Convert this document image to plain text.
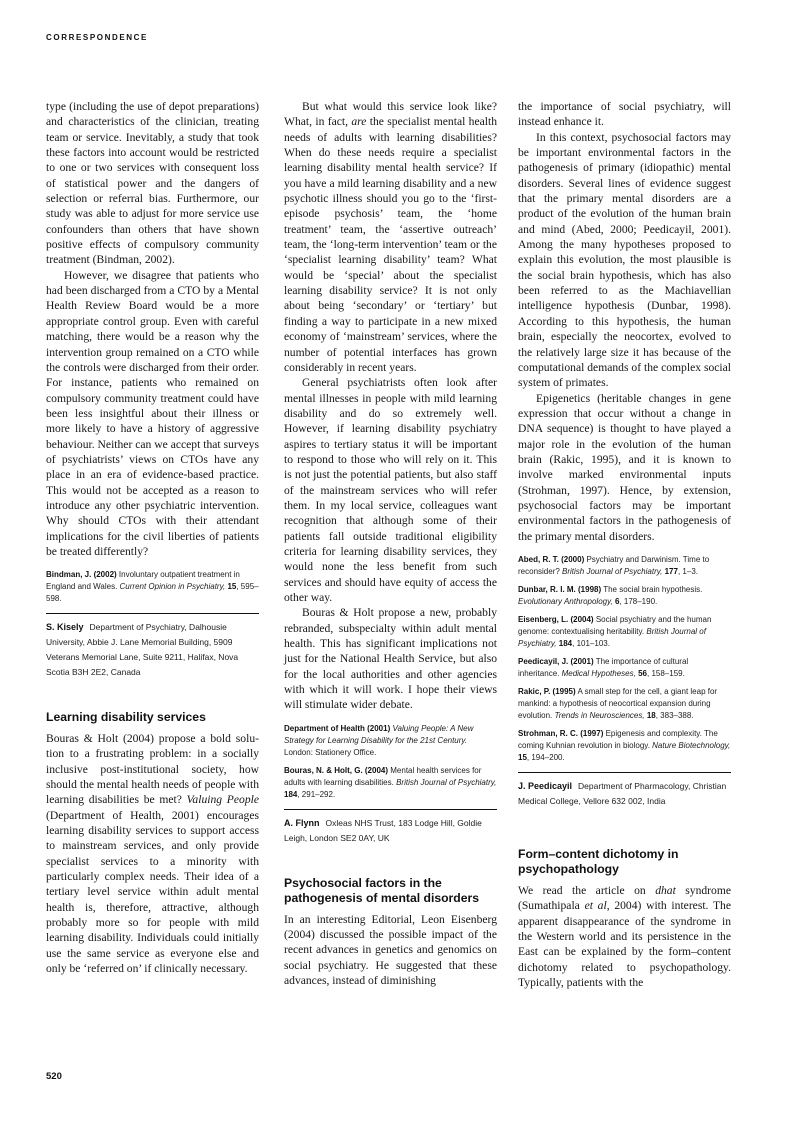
CORRESPONDENCE

type (including the use of depot preparations) and characteristics of the clinician, treating team or service. Inevitably, a study that took these factors into account would be restricted to one or two services with consequent loss of statistical power and the dangers of selection or referral bias. Furthermore, our study was able to adjust for more service use confounders than others that have shown positive effects of compulsory community treatment (Bindman, 2002).

However, we disagree that patients who had been discharged from a CTO by a Mental Health Review Board would be a more appropriate control group. Even with careful matching, there would be a reason why the intervention group remained on a CTO while the controls were discharged from their order. For instance, patients who remained on compulsory community treatment could have been less insightful about their illness or more likely to have a history of aggressive behaviour. Neither can we accept that surveys of psychiatrists’ views on CTOs have any place in an era of evidence-based practice. This would not be accepted as a reason to introduce any other psychiatric intervention. Why should CTOs with their attendant implications for the civil liberties of patients be treated differently?

Bindman, J. (2002) Involuntary outpatient treatment in England and Wales. Current Opinion in Psychiatry, 15, 595–598.
S. Kisely Department of Psychiatry, Dalhousie University, Abbie J. Lane Memorial Building, 5909 Veterans Memorial Lane, Suite 9211, Halifax, Nova Scotia B3H 2E2, Canada
Learning disability services

Bouras & Holt (2004) propose a bold solution to a frustrating problem: in a socially inclusive post-institutional society, how should the mental health needs of people with learning disabilities be met? Valuing People (Department of Health, 2001) encourages learning disability services to support access to mainstream services, and only provide specialist services to a minority with particularly complex needs. Their idea of a tertiary level service within adult mental health is, therefore, attractive, although probably more so for people with mild learning disability. Individuals could initially use the same service as everyone else and only be ‘referred on’ if clinically necessary.

But what would this service look like? What, in fact, are the specialist mental health needs of adults with learning disabilities? When do these needs require a specialist learning disability mental health service? If you have a mild learning disability and a new psychotic illness should you go to the ‘first-episode psychosis’ team, the ‘home treatment’ team, the ‘assertive outreach’ team, the ‘long-term intervention’ team or the ‘specialist learning disability’ team? What would be ‘special’ about the specialist learning disability service? It is not only about being ‘secondary’ or ‘tertiary’ but finding a way to participate in a new mixed economy of ‘mainstream’ services, where the number of potential interfaces has grown considerably in recent years.

General psychiatrists often look after mental illnesses in people with mild learning disability and do so extremely well. However, if learning disability psychiatry aspires to tertiary status it will be important to respond to those who will rely on it. This is not just the potential patients, but also staff of the mainstream services who will refer them. In my local service, colleagues want recognition that although some of their patients fall outside traditional eligibility criteria for learning disability services, they would none the less benefit from such services and should have equity of access the other way.

Bouras & Holt propose a new, probably rebranded, subspecialty within adult mental health. This has significant implications not just for the National Health Service, but also for the local authorities and other agencies with which it will work. I hope their views will stimulate wider debate.

Department of Health (2001) Valuing People: A New Strategy for Learning Disability for the 21st Century. London: Stationery Office.
Bouras, N. & Holt, G. (2004) Mental health services for adults with learning disabilities. British Journal of Psychiatry, 184, 291–292.
A. Flynn Oxleas NHS Trust, 183 Lodge Hill, Goldie Leigh, London SE2 0AY, UK
Psychosocial factors in the pathogenesis of mental disorders

In an interesting Editorial, Leon Eisenberg (2004) discussed the possible impact of the recent advances in genetics and genomics on social psychiatry. He suggested that these advances, instead of diminishing

the importance of social psychiatry, will instead enhance it.

In this context, psychosocial factors may be important environmental factors in the pathogenesis of primary (idiopathic) mental disorders. Several lines of evidence suggest that the primary mental disorders are a product of the evolution of the human brain and mind (Abed, 2000; Peedicayil, 2001). Among the many hypotheses proposed to explain this evolution, the most plausible is the social brain hypothesis, which has also been referred to as the Machiavellian intelligence hypothesis (Dunbar, 1998). According to this hypothesis, the human brain, especially the neocortex, evolved to the relatively large size it has because of the computational demands of the complex social system of primates.

Epigenetics (heritable changes in gene expression that occur without a change in DNA sequence) is thought to have played a major role in the evolution of the human brain (Rakic, 1995), and it is known to involve marked environmental inputs (Strohman, 1997). Hence, by extension, psychosocial factors may be important environmental factors in the pathogenesis of the primary mental disorders.

Abed, R. T. (2000) Psychiatry and Darwinism. Time to reconsider? British Journal of Psychiatry, 177, 1–3.
Dunbar, R. I. M. (1998) The social brain hypothesis. Evolutionary Anthropology, 6, 178–190.
Eisenberg, L. (2004) Social psychiatry and the human genome: contextualising heritability. British Journal of Psychiatry, 184, 101–103.
Peedicayil, J. (2001) The importance of cultural inheritance. Medical Hypotheses, 56, 158–159.
Rakic, P. (1995) A small step for the cell, a giant leap for mankind: a hypothesis of neocortical expansion during evolution. Trends in Neurosciences, 18, 383–388.
Strohman, R. C. (1997) Epigenesis and complexity. The coming Kuhnian revolution in biology. Nature Biotechnology, 15, 194–200.
J. Peedicayil Department of Pharmacology, Christian Medical College, Vellore 632 002, India
Form–content dichotomy in psychopathology

We read the article on dhat syndrome (Sumathipala et al, 2004) with interest. The apparent disappearance of the syndrome in the Western world and its persistence in the East can be explained by the form–content dichotomy related to psychopathology. Typically, patients with the

520
